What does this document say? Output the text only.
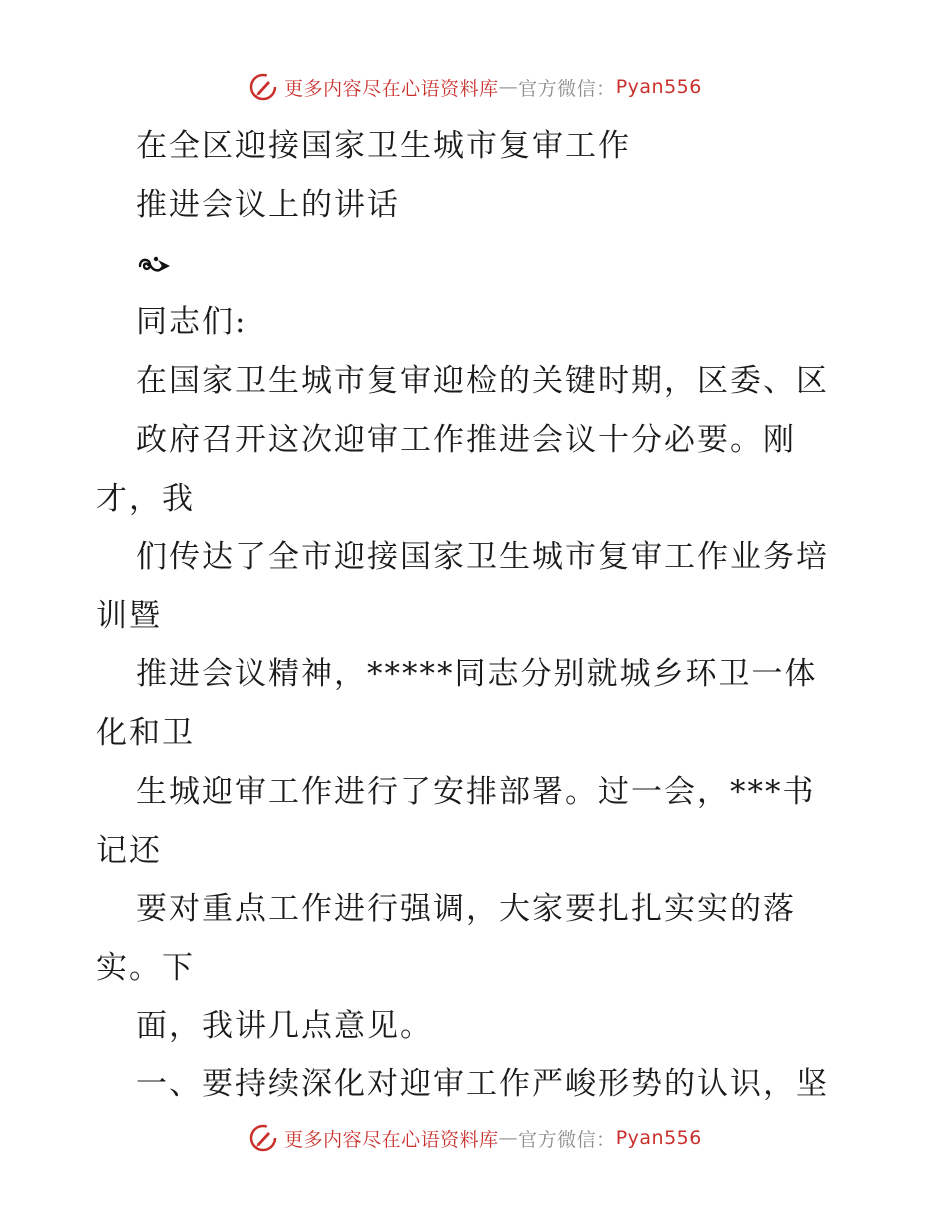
更多内容尽在心语资料库 — 官方微信： Pyan556
在全区迎接国家卫生城市复审工作
推进会议上的讲话
同志们:
在国家卫生城市复审迎检的关键时期，区委、区
政府召开这次迎审工作推进会议十分必要。刚
才，我
们传达了全市迎接国家卫生城市复审工作业务培
训暨
推进会议精神，*****同志分别就城乡环卫一体
化和卫
生城迎审工作进行了安排部署。过一会，***书
记还
要对重点工作进行强调，大家要扎扎实实的落
实。下
面，我讲几点意见。
一、要持续深化对迎审工作严峻形势的认识，坚
更多内容尽在心语资料库 — 官方微信： Pyan556
